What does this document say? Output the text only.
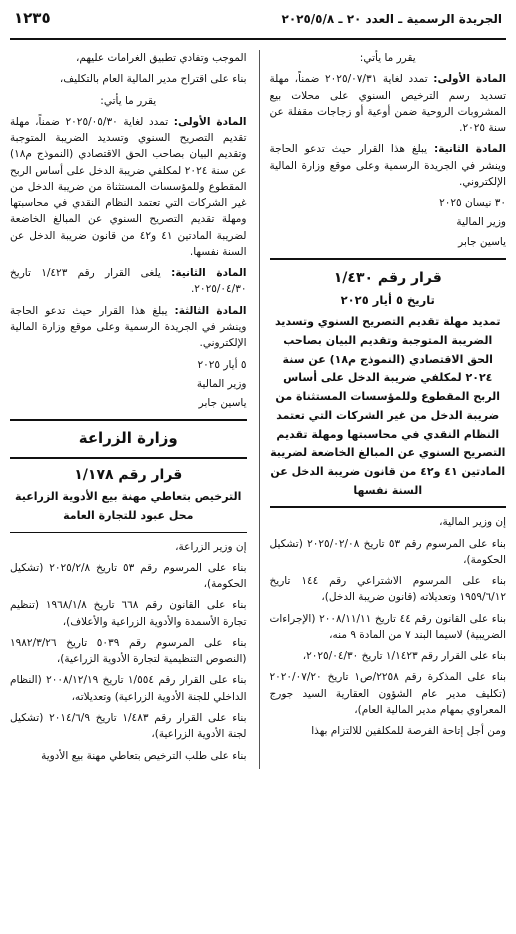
الجريدة الرسمية ـ العدد ٢٠ ـ ٢٠٢٥/٥/٨
١٢٣٥

يقرر ما يأتي:

المادة الأولى: تمدد لغاية ٢٠٢٥/٠٧/٣١ ضمناً، مهلة تسديد رسم الترخيص السنوي على محلات بيع المشروبات الروحية ضمن أوعية أو زجاجات مقفلة عن سنة ٢٠٢٥.

المادة الثانية: يبلغ هذا القرار حيث تدعو الحاجة وينشر في الجريدة الرسمية وعلى موقع وزارة المالية الإلكتروني.

٣٠ نيسان ٢٠٢٥

وزير المالية

ياسين جابر

قرار رقم ١/٤٣٠
تاريخ ٥ أيار ٢٠٢٥

تمديد مهلة تقديم التصريح السنوي وتسديد الضريبة المتوجبة وتقديم البيان بصاحب الحق الاقتصادي (النموذج م١٨) عن سنة ٢٠٢٤ لمكلفي ضريبة الدخل على أساس الربح المقطوع وللمؤسسات المستثناة من ضريبة الدخل من غير الشركات التي تعتمد النظام النقدي في محاسبتها ومهلة تقديم التصريح السنوي عن المبالغ الخاضعة لضريبة المادتين ٤١ و٤٢ من قانون ضريبة الدخل عن السنة نفسها

إن وزير المالية،

بناء على المرسوم رقم ٥٣ تاريخ ٢٠٢٥/٠٢/٠٨ (تشكيل الحكومة)،

بناء على المرسوم الاشتراعي رقم ١٤٤ تاريخ ١٩٥٩/٦/١٢ وتعديلاته (قانون ضريبة الدخل)،

بناء على القانون رقم ٤٤ تاريخ ٢٠٠٨/١١/١١ (الإجراءات الضريبية) لاسيما البند ٧ من المادة ٩ منه،

بناء على القرار رقم ١/١٤٢٣ تاريخ ٢٠٢٥/٠٤/٣٠،

بناء على المذكرة رقم ٢٢٥٨/ص١ تاريخ ٢٠٢٠/٠٧/٢٠ (تكليف مدير عام الشؤون العقارية السيد جورج المعراوي بمهام مدير المالية العام)،

ومن أجل إتاحة الفرصة للمكلفين للالتزام بهذا

الموجب وتفادي تطبيق الغرامات عليهم،

بناء على اقتراح مدير المالية العام بالتكليف،

يقرر ما يأتي:

المادة الأولى: تمدد لغاية ٢٠٢٥/٠٥/٣٠ ضمناً، مهلة تقديم التصريح السنوي وتسديد الضريبة المتوجبة وتقديم البيان بصاحب الحق الاقتصادي (النموذج م١٨) عن سنة ٢٠٢٤ لمكلفي ضريبة الدخل على أساس الربح المقطوع وللمؤسسات المستثناة من ضريبة الدخل من غير الشركات التي تعتمد النظام النقدي في محاسبتها ومهلة تقديم التصريح السنوي عن المبالغ الخاضعة لضريبة المادتين ٤١ و٤٢ من قانون ضريبة الدخل عن السنة نفسها.

المادة الثانية: يلغى القرار رقم ١/٤٢٣ تاريخ ٢٠٢٥/٠٤/٣٠.

المادة الثالثة: يبلغ هذا القرار حيث تدعو الحاجة وينشر في الجريدة الرسمية وعلى موقع وزارة المالية الإلكتروني.

٥ أيار ٢٠٢٥

وزير المالية

ياسين جابر

وزارة الزراعة
قرار رقم ١/١٧٨

الترخيص بتعاطي مهنة بيع الأدوية الزراعية محل عبود للتجارة العامة

إن وزير الزراعة،

بناء على المرسوم رقم ٥٣ تاريخ ٢٠٢٥/٢/٨ (تشكيل الحكومة)،

بناء على القانون رقم ٦٦٨ تاريخ ١٩٦٨/١/٨ (تنظيم تجارة الأسمدة والأدوية الزراعية والأعلاف)،

بناء على المرسوم رقم ٥٠٣٩ تاريخ ١٩٨٢/٣/٢٦ (النصوص التنظيمية لتجارة الأدوية الزراعية)،

بناء على القرار رقم ١/٥٥٤ تاريخ ٢٠٠٨/١٢/١٩ (النظام الداخلي للجنة الأدوية الزراعية) وتعديلاته،

بناء على القرار رقم ١/٤٨٣ تاريخ ٢٠١٤/٦/٩ (تشكيل لجنة الأدوية الزراعية)،

بناء على طلب الترخيص بتعاطي مهنة بيع الأدوية
